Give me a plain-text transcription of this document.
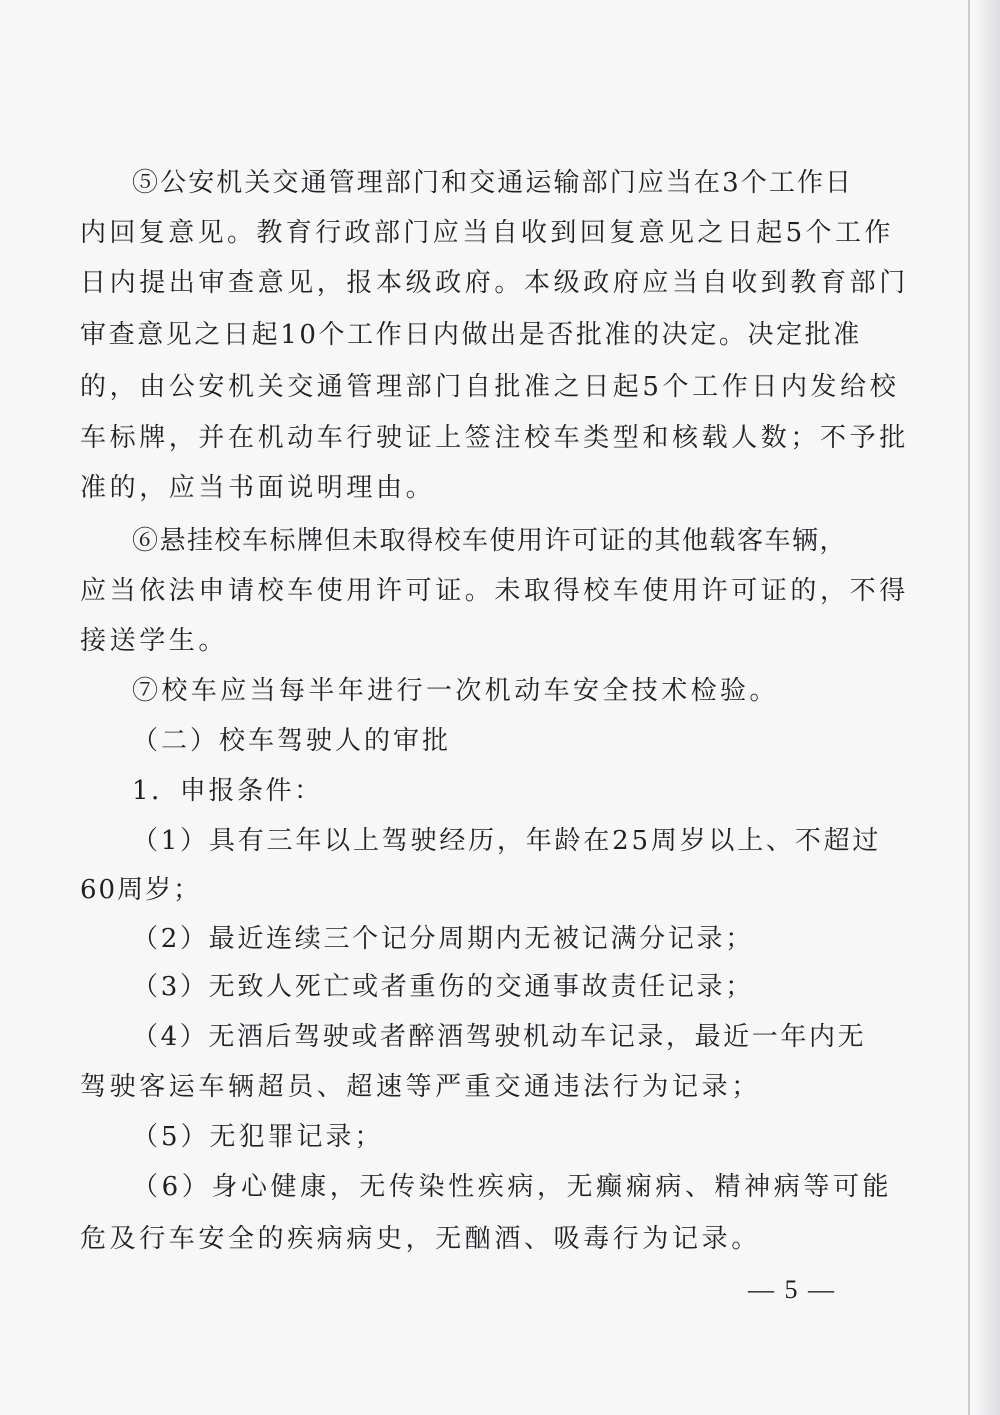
⑤公安机关交通管理部门和交通运输部门应当在3个工作日
内回复意见。教育行政部门应当自收到回复意见之日起5个工作
日内提出审查意见，报本级政府。本级政府应当自收到教育部门
审查意见之日起10个工作日内做出是否批准的决定。决定批准
的，由公安机关交通管理部门自批准之日起5个工作日内发给校
车标牌，并在机动车行驶证上签注校车类型和核载人数；不予批
准的，应当书面说明理由。
⑥悬挂校车标牌但未取得校车使用许可证的其他载客车辆，
应当依法申请校车使用许可证。未取得校车使用许可证的，不得
接送学生。
⑦校车应当每半年进行一次机动车安全技术检验。
（二）校车驾驶人的审批
1．申报条件：
（1）具有三年以上驾驶经历，年龄在25周岁以上、不超过
60周岁；
（2）最近连续三个记分周期内无被记满分记录；
（3）无致人死亡或者重伤的交通事故责任记录；
（4）无酒后驾驶或者醉酒驾驶机动车记录，最近一年内无
驾驶客运车辆超员、超速等严重交通违法行为记录；
（5）无犯罪记录；
（6）身心健康，无传染性疾病，无癫痫病、精神病等可能
危及行车安全的疾病病史，无酗酒、吸毒行为记录。
— 5 —
